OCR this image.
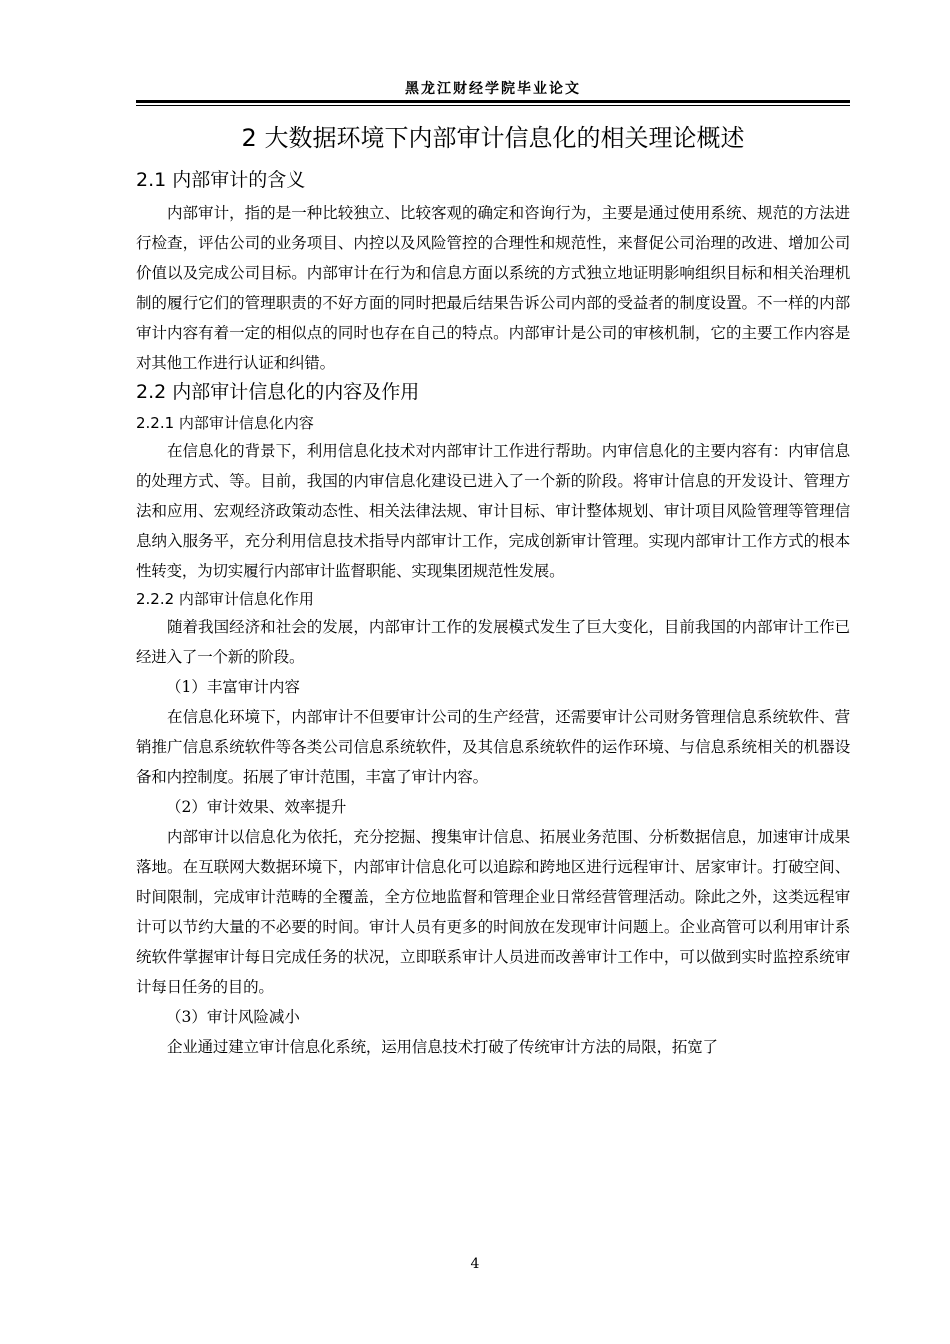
黑龙江财经学院毕业论文
2 大数据环境下内部审计信息化的相关理论概述
2.1 内部审计的含义

内部审计，指的是一种比较独立、比较客观的确定和咨询行为，主要是通过使用系统、规范的方法进行检查，评估公司的业务项目、内控以及风险管控的合理性和规范性，来督促公司治理的改进、增加公司价值以及完成公司目标。内部审计在行为和信息方面以系统的方式独立地证明影响组织目标和相关治理机制的履行它们的管理职责的不好方面的同时把最后结果告诉公司内部的受益者的制度设置。不一样的内部审计内容有着一定的相似点的同时也存在自己的特点。内部审计是公司的审核机制，它的主要工作内容是对其他工作进行认证和纠错。

2.2 内部审计信息化的内容及作用
2.2.1 内部审计信息化内容

在信息化的背景下，利用信息化技术对内部审计工作进行帮助。内审信息化的主要内容有：内审信息的处理方式、等。目前，我国的内审信息化建设已进入了一个新的阶段。将审计信息的开发设计、管理方法和应用、宏观经济政策动态性、相关法律法规、审计目标、审计整体规划、审计项目风险管理等管理信息纳入服务平，充分利用信息技术指导内部审计工作，完成创新审计管理。实现内部审计工作方式的根本性转变，为切实履行内部审计监督职能、实现集团规范性发展。

2.2.2 内部审计信息化作用

随着我国经济和社会的发展，内部审计工作的发展模式发生了巨大变化，目前我国的内部审计工作已经进入了一个新的阶段。

（1）丰富审计内容

在信息化环境下，内部审计不但要审计公司的生产经营，还需要审计公司财务管理信息系统软件、营销推广信息系统软件等各类公司信息系统软件，及其信息系统软件的运作环境、与信息系统相关的机器设备和内控制度。拓展了审计范围，丰富了审计内容。

（2）审计效果、效率提升

内部审计以信息化为依托，充分挖掘、搜集审计信息、拓展业务范围、分析数据信息，加速审计成果落地。在互联网大数据环境下，内部审计信息化可以追踪和跨地区进行远程审计、居家审计。打破空间、时间限制，完成审计范畴的全覆盖，全方位地监督和管理企业日常经营管理活动。除此之外，这类远程审计可以节约大量的不必要的时间。审计人员有更多的时间放在发现审计问题上。企业高管可以利用审计系统软件掌握审计每日完成任务的状况，立即联系审计人员进而改善审计工作中，可以做到实时监控系统审计每日任务的目的。

（3）审计风险减小

企业通过建立审计信息化系统，运用信息技术打破了传统审计方法的局限，拓宽了

4
